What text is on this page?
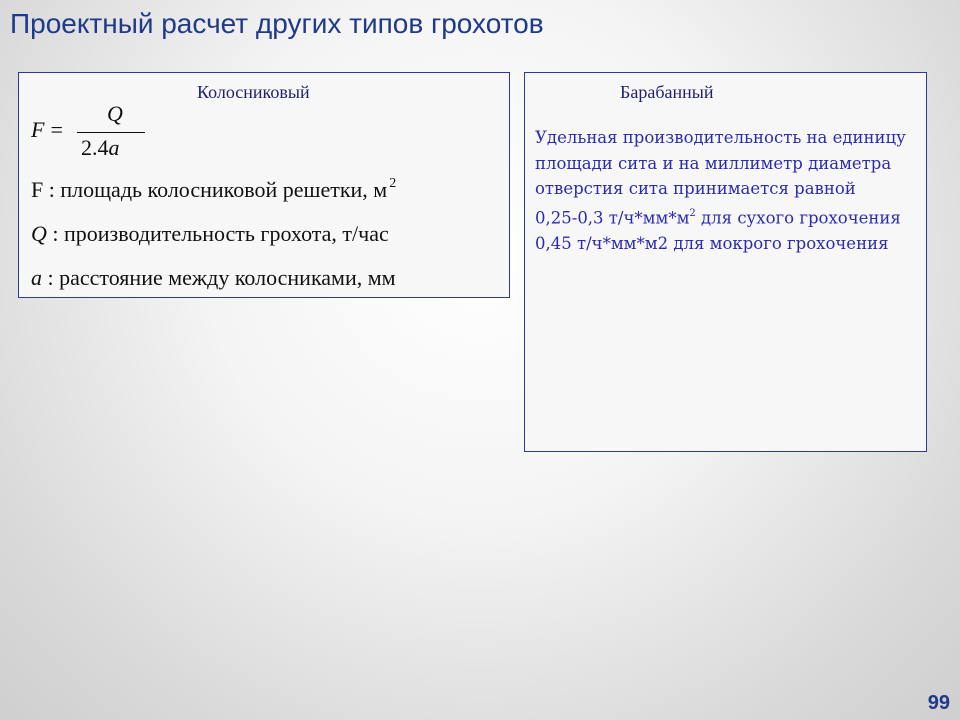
Проектный расчет других типов грохотов
Колосниковый
F =
Q
2.4a
F : площадь колосниковой решетки, м $^2$
Q : производительность грохота, т/час
a : расстояние между колосниками, мм
Барабанный

Удельная производительность на единицу площади сита и на миллиметр диаметра отверстия сита принимается равной

0,25-0,3 $т/ч*мм*м^2$ для сухого грохочения

0,45 т/ч*мм*м2 для мокрого грохочения

99
